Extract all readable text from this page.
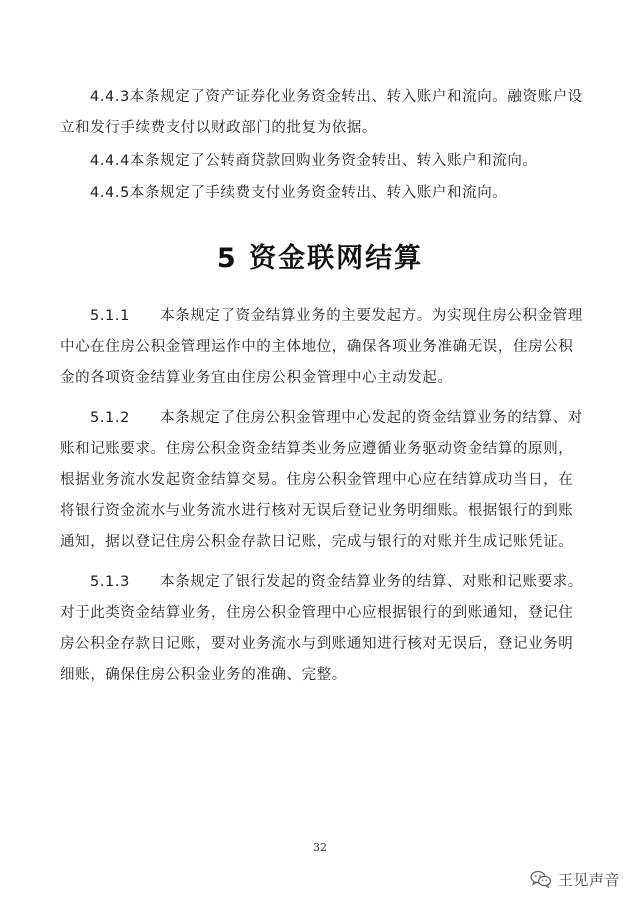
4.4.3本条规定了资产证券化业务资金转出、转入账户和流向。融资账户设
立和发行手续费支付以财政部门的批复为依据。
4.4.4本条规定了公转商贷款回购业务资金转出、转入账户和流向。
4.4.5本条规定了手续费支付业务资金转出、转入账户和流向。
5 资金联网结算
5.1.1　　本条规定了资金结算业务的主要发起方。为实现住房公积金管理
中心在住房公积金管理运作中的主体地位，确保各项业务准确无误，住房公积
金的各项资金结算业务宜由住房公积金管理中心主动发起。
5.1.2　　本条规定了住房公积金管理中心发起的资金结算业务的结算、对
账和记账要求。住房公积金资金结算类业务应遵循业务驱动资金结算的原则，
根据业务流水发起资金结算交易。住房公积金管理中心应在结算成功当日，在
将银行资金流水与业务流水进行核对无误后登记业务明细账。根据银行的到账
通知，据以登记住房公积金存款日记账，完成与银行的对账并生成记账凭证。
5.1.3　　本条规定了银行发起的资金结算业务的结算、对账和记账要求。
对于此类资金结算业务，住房公积金管理中心应根据银行的到账通知，登记住
房公积金存款日记账，要对业务流水与到账通知进行核对无误后，登记业务明
细账，确保住房公积金业务的准确、完整。
32
王见声音
